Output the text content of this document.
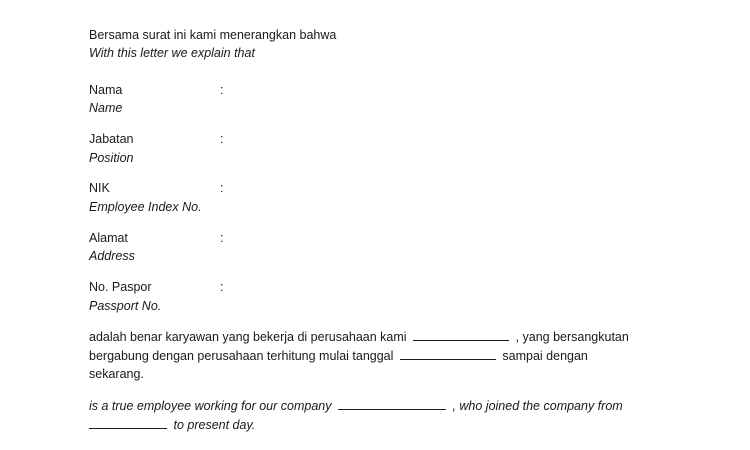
Bersama surat ini kami menerangkan bahwa
With this letter we explain that
Nama	:
Name
Jabatan	:
Position
NIK	:
Employee Index No.
Alamat	:
Address
No. Paspor	:
Passport No.
adalah benar karyawan yang bekerja di perusahaan kami	, yang bersangkutan
bergabung dengan perusahaan terhitung mulai tanggal	sampai dengan
sekarang.
is a true employee working for our company	, who joined the company from
to present day.
